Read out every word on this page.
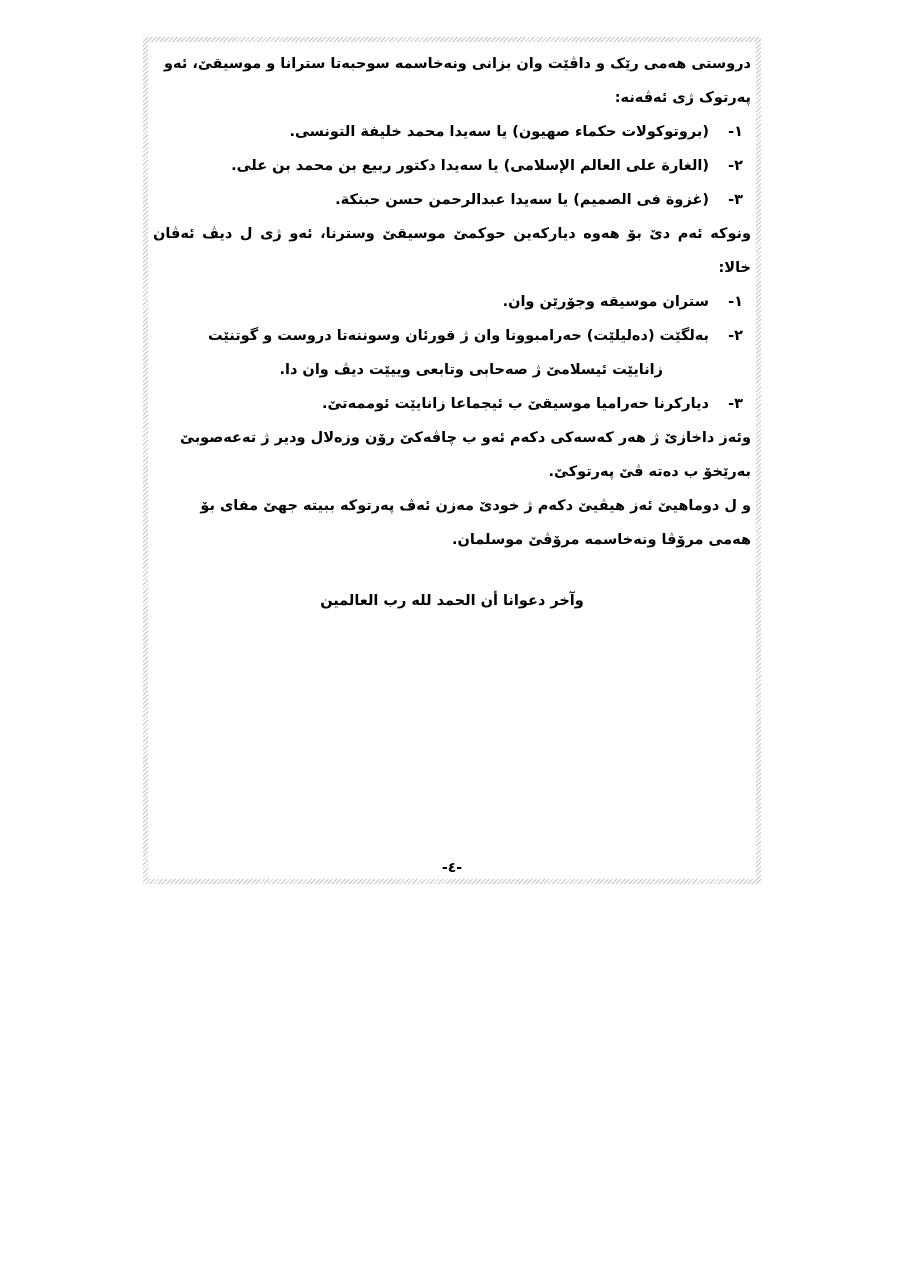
دروستی هەمی رێک و داڤێت وان بزانی ونەخاسمە سوحبەتا سترانا و موسیقێ، ئەو
پەرتوک ژی ئەڤەنە:
١-(بروتوكولات حكماء صهيون) يا سەيدا محمد خليفة التونسى.
٢-(الغارة على العالم الإسلامى) يا سەيدا دكتور ربيع بن محمد بن على.
٣-(غزوة فى الصميم) يا سەيدا عبدالرحمن حسن حبنكة.
ونوکە ئەم دێ بۆ هەوە دیارکەین حوکمێ موسیقێ وسترنا، ئەو ژی ل دیڤ ئەڤان خالا:
١-ستران موسیقە وجۆرێن وان.
٢-بەلگێت (دەلیلێت) حەرامبوونا وان ژ قورئان وسوننەتا دروست و گوتنێت
زانایێت ئیسلامێ ژ صەحابی وتابعی وییێت دیڤ وان دا.
٣-دیارکرنا حەرامیا موسیقێ ب ئیجماعا زانایێت ئوممەتێ.
وئەز داخازێ ژ هەر کەسەکی دکەم ئەو ب چاڤەکێ رۆن وزەلال ودیر ژ تەعەصوبێ
بەرێخۆ ب دەتە ڤێ پەرتوکێ.
و ل دوماهیێ ئەز هیڤیێ دکەم ژ خودێ مەزن ئەڤ پەرتوکە ببیتە جهێ مفای بۆ
هەمی مرۆڤا ونەخاسمە مرۆڤێ موسلمان.
وآخر دعوانا أن الحمد لله رب العالمين
-٤-
